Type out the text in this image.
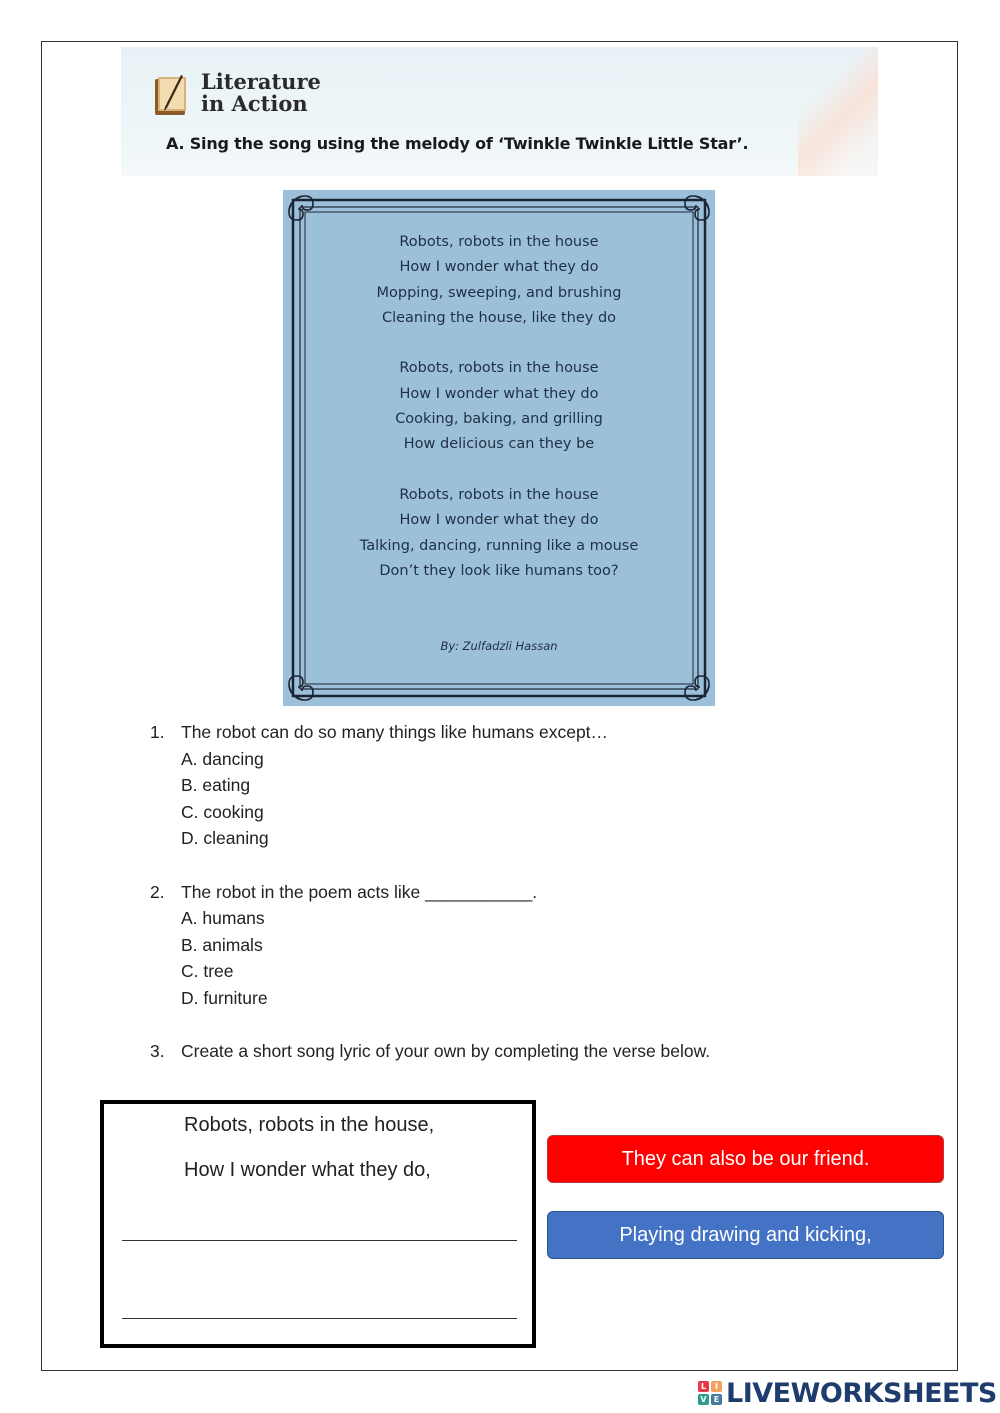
Literature
in Action
A. Sing the song using the melody of ‘Twinkle Twinkle Little Star’.
Robots, robots in the house
How I wonder what they do
Mopping, sweeping, and brushing
Cleaning the house, like they do
Robots, robots in the house
How I wonder what they do
Cooking, baking, and grilling
How delicious can they be
Robots, robots in the house
How I wonder what they do
Talking, dancing, running like a mouse
Don’t they look like humans too?
By: Zulfadzli Hassan
1. The robot can do so many things like humans except…
A. dancing
B. eating
C. cooking
D. cleaning
2. The robot in the poem acts like ___________.
A. humans
B. animals
C. tree
D. furniture
3. Create a short song lyric of your own by completing the verse below.
Robots, robots in the house,
How I wonder what they do,	They can also be our friend.
Playing drawing and kicking,
L	I
V E LIVEWORKSHEETS
